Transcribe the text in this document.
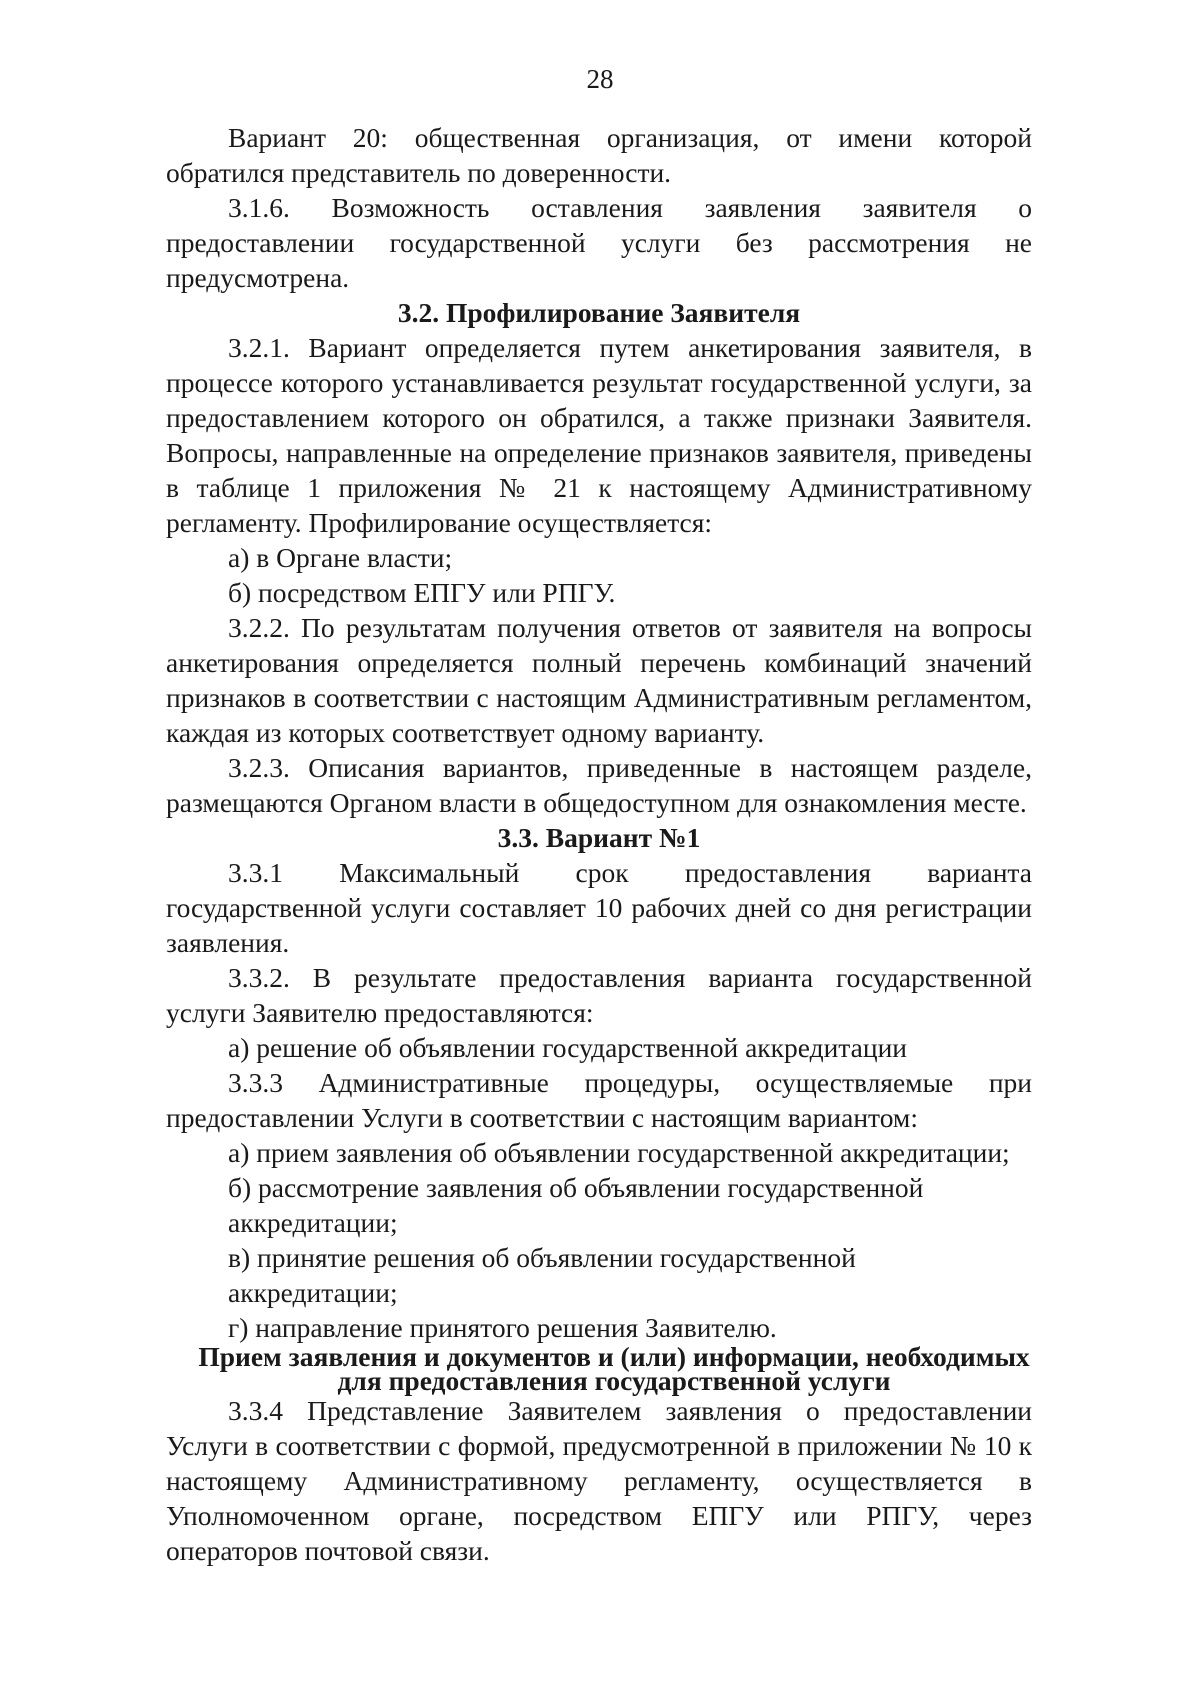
28

Вариант 20: общественная организация, от имени которой обратился представитель по доверенности.

3.1.6. Возможность оставления заявления заявителя о предоставлении государственной услуги без рассмотрения не предусмотрена.

3.2. Профилирование Заявителя

3.2.1. Вариант определяется путем анкетирования заявителя, в процессе которого устанавливается результат государственной услуги, за предоставлением которого он обратился, а также признаки Заявителя. Вопросы, направленные на определение признаков заявителя, приведены в таблице 1 приложения № 21 к настоящему Административному регламенту. Профилирование осуществляется:

а) в Органе власти;

б) посредством ЕПГУ или РПГУ.

3.2.2. По результатам получения ответов от заявителя на вопросы анкетирования определяется полный перечень комбинаций значений признаков в соответствии с настоящим Административным регламентом, каждая из которых соответствует одному варианту.

3.2.3. Описания вариантов, приведенные в настоящем разделе, размещаются Органом власти в общедоступном для ознакомления месте.

3.3. Вариант №1

3.3.1 Максимальный срок предоставления варианта государственной услуги составляет 10 рабочих дней со дня регистрации заявления.

3.3.2. В результате предоставления варианта государственной услуги Заявителю предоставляются:

а) решение об объявлении государственной аккредитации

3.3.3 Административные процедуры, осуществляемые при предоставлении Услуги в соответствии с настоящим вариантом:

а) прием заявления об объявлении государственной аккредитации;

б) рассмотрение заявления об объявлении государственной аккредитации;

в) принятие решения об объявлении государственной аккредитации;

г) направление принятого решения Заявителю.

Прием заявления и документов и (или) информации, необходимых

для предоставления государственной услуги

3.3.4 Представление Заявителем заявления о предоставлении Услуги в соответствии с формой, предусмотренной в приложении № 10 к настоящему Административному регламенту, осуществляется в Уполномоченном органе, посредством ЕПГУ или РПГУ, через операторов почтовой связи.
